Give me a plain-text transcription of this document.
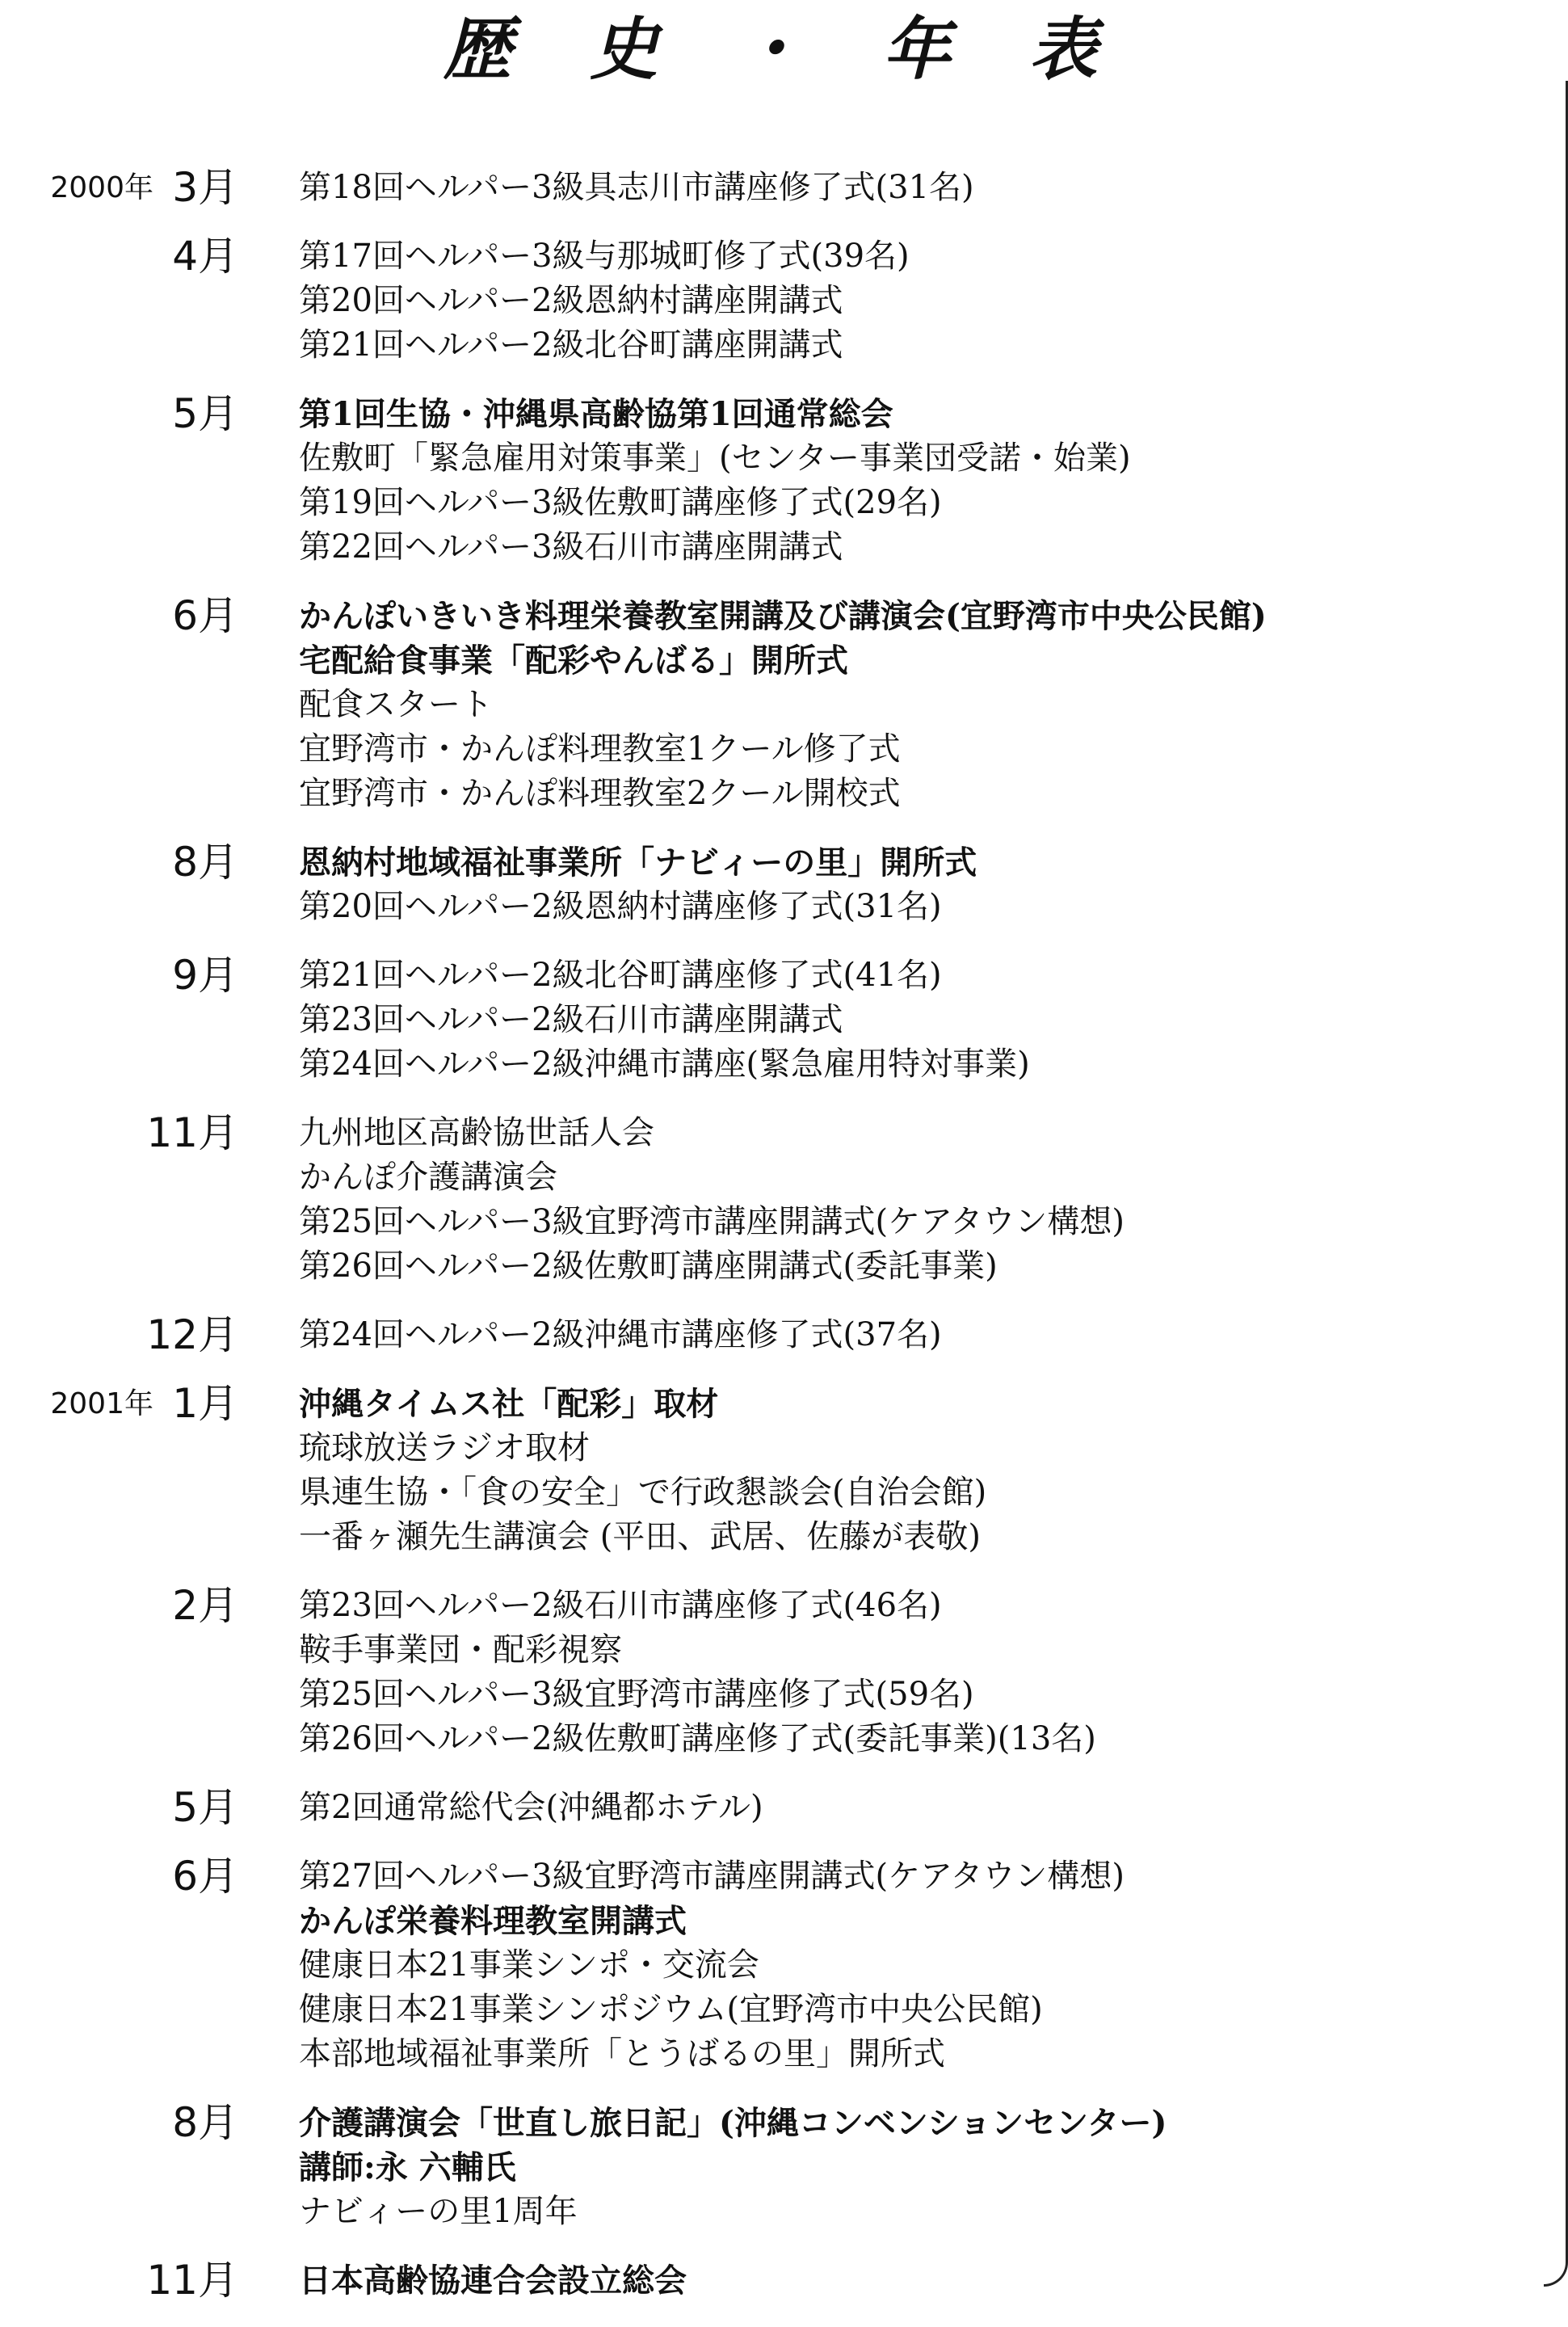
歴 史 ・ 年 表
2000年 3月 第18回ヘルパー3級具志川市講座修了式(31名)
4月 第17回ヘルパー3級与那城町修了式(39名)
第20回ヘルパー2級恩納村講座開講式
第21回ヘルパー2級北谷町講座開講式
5月 第1回生協・沖縄県高齢協第1回通常総会
佐敷町「緊急雇用対策事業」(センター事業団受諾・始業)
第19回ヘルパー3級佐敷町講座修了式(29名)
第22回ヘルパー3級石川市講座開講式
6月 かんぽいきいき料理栄養教室開講及び講演会(宜野湾市中央公民館)
宅配給食事業「配彩やんばる」開所式
配食スタート
宜野湾市・かんぽ料理教室1クール修了式
宜野湾市・かんぽ料理教室2クール開校式
8月 恩納村地域福祉事業所「ナビィーの里」開所式
第20回ヘルパー2級恩納村講座修了式(31名)
9月 第21回ヘルパー2級北谷町講座修了式(41名)
第23回ヘルパー2級石川市講座開講式
第24回ヘルパー2級沖縄市講座(緊急雇用特対事業)
11月 九州地区高齢協世話人会
かんぽ介護講演会
第25回ヘルパー3級宜野湾市講座開講式(ケアタウン構想)
第26回ヘルパー2級佐敷町講座開講式(委託事業)
12月 第24回ヘルパー2級沖縄市講座修了式(37名)
2001年 1月 沖縄タイムス社「配彩」取材
琉球放送ラジオ取材
県連生協・「食の安全」で行政懇談会(自治会館)
一番ヶ瀬先生講演会 (平田、武居、佐藤が表敬)
2月 第23回ヘルパー2級石川市講座修了式(46名)
鞍手事業団・配彩視察
第25回ヘルパー3級宜野湾市講座修了式(59名)
第26回ヘルパー2級佐敷町講座修了式(委託事業)(13名)
5月 第2回通常総代会(沖縄都ホテル)
6月 第27回ヘルパー3級宜野湾市講座開講式(ケアタウン構想)
かんぽ栄養料理教室開講式
健康日本21事業シンポ・交流会
健康日本21事業シンポジウム(宜野湾市中央公民館)
本部地域福祉事業所「とうばるの里」開所式
8月 介護講演会「世直し旅日記」(沖縄コンベンションセンター)
講師:永 六輔氏
ナビィーの里1周年
11月 日本高齢協連合会設立総会
